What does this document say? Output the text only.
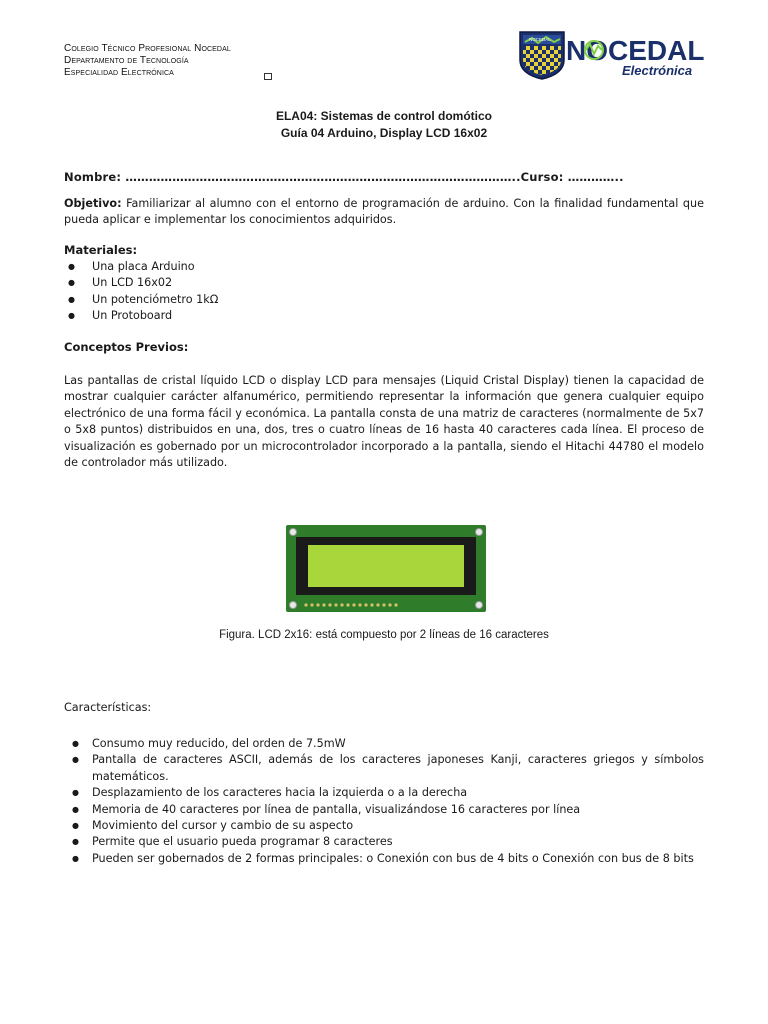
Colegio Técnico Profesional Nocedal
Departamento de Tecnología
Especialidad Electrónica
NOCEDAL
Electrónica
NOCEDAL
ELA04: Sistemas de control domótico
Guía 04 Arduino, Display LCD 16x02
Nombre: ………………………………………………………………………………………..Curso: …………..
Objetivo: Familiarizar al alumno con el entorno de programación de arduino. Con la finalidad fundamental que pueda aplicar e implementar los conocimientos adquiridos.
Materiales:
● Una placa Arduino
● Un LCD 16x02
● Un potenciómetro 1kΩ
● Un Protoboard
Conceptos Previos:
Las pantallas de cristal líquido LCD o display LCD para mensajes (Liquid Cristal Display) tienen la capacidad de mostrar cualquier carácter alfanumérico, permitiendo representar la información que genera cualquier equipo electrónico de una forma fácil y económica. La pantalla consta de una matriz de caracteres (normalmente de 5x7 o 5x8 puntos) distribuidos en una, dos, tres o cuatro líneas de 16 hasta 40 caracteres cada línea. El proceso de visualización es gobernado por un microcontrolador incorporado a la pantalla, siendo el Hitachi 44780 el modelo de controlador más utilizado.
Figura. LCD 2x16: está compuesto por 2 líneas de 16 caracteres
Características:
● Consumo muy reducido, del orden de 7.5mW
● Pantalla de caracteres ASCII, además de los caracteres japoneses Kanji, caracteres griegos y símbolos matemáticos.
● Desplazamiento de los caracteres hacia la izquierda o a la derecha
● Memoria de 40 caracteres por línea de pantalla, visualizándose 16 caracteres por línea
● Movimiento del cursor y cambio de su aspecto
● Permite que el usuario pueda programar 8 caracteres
● Pueden ser gobernados de 2 formas principales: o Conexión con bus de 4 bits o Conexión con bus de 8 bits
